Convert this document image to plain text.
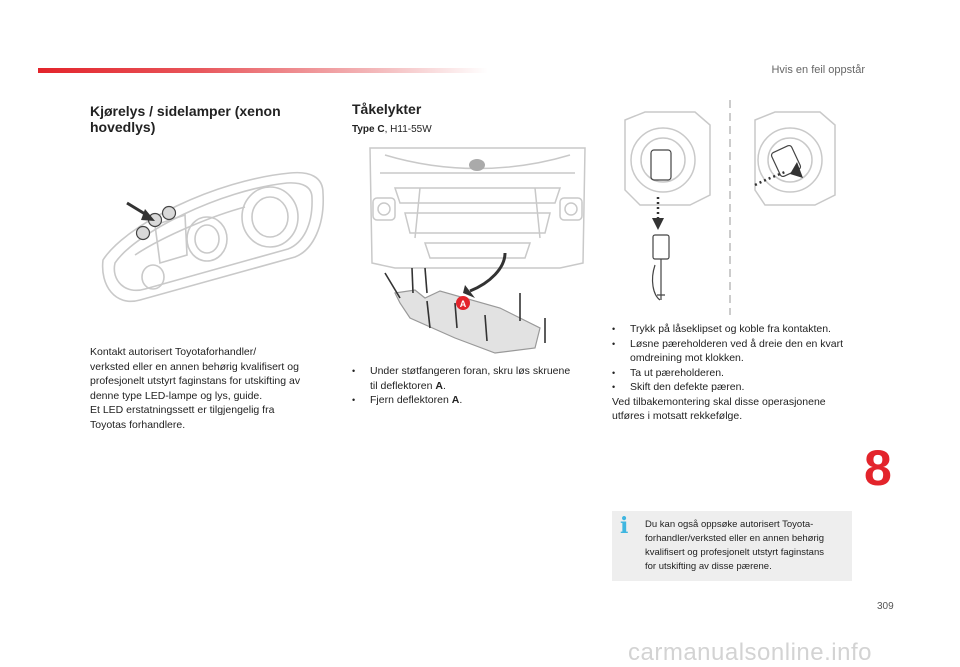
Hvis en feil oppstår
Kjørelys / sidelamper (xenon hovedlys)
Kontakt autorisert Toyotaforhandler/
verksted eller en annen behørig kvalifisert og
profesjonelt utstyrt faginstans for utskifting av
denne type LED-lampe og lys, guide.
Et LED erstatningssett er tilgjengelig fra
Toyotas forhandlere.
Tåkelykter
Type C, H11-55W
A
• Under støtfangeren foran, skru løs skruene
til deflektoren A.
• Fjern deflektoren A.
• Trykk på låseklipset og koble fra kontakten.
• Løsne pæreholderen ved å dreie den en kvart omdreining mot klokken.
• Ta ut pæreholderen.
• Skift den defekte pæren.
Ved tilbakemontering skal disse operasjonene
utføres i motsatt rekkefølge.
8
i Du kan også oppsøke autorisert Toyota-
forhandler/verksted eller en annen behørig
kvalifisert og profesjonelt utstyrt faginstans
for utskifting av disse pærene.
309
carmanualsonline.info
